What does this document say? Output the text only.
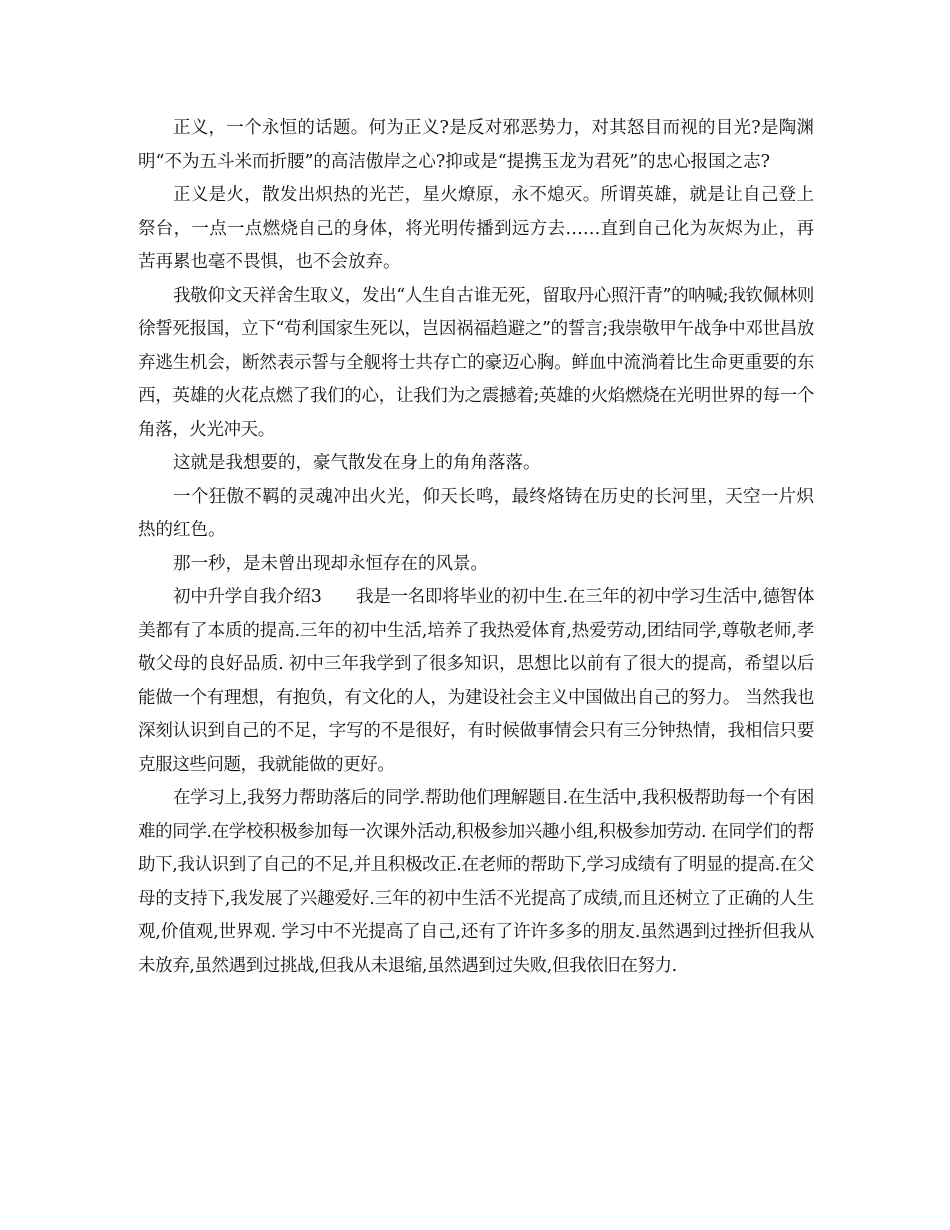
正义，一个永恒的话题。何为正义?是反对邪恶势力，对其怒目而视的目光?是陶渊明“不为五斗米而折腰”的高洁傲岸之心?抑或是“提携玉龙为君死”的忠心报国之志?

正义是火，散发出炽热的光芒，星火燎原，永不熄灭。所谓英雄，就是让自己登上祭台，一点一点燃烧自己的身体，将光明传播到远方去……直到自己化为灰烬为止，再苦再累也毫不畏惧，也不会放弃。

我敬仰文天祥舍生取义，发出“人生自古谁无死，留取丹心照汗青”的呐喊;我钦佩林则徐誓死报国，立下“苟利国家生死以，岂因祸福趋避之”的誓言;我崇敬甲午战争中邓世昌放弃逃生机会，断然表示誓与全舰将士共存亡的豪迈心胸。鲜血中流淌着比生命更重要的东西，英雄的火花点燃了我们的心，让我们为之震撼着;英雄的火焰燃烧在光明世界的每一个角落，火光冲天。

这就是我想要的，豪气散发在身上的角角落落。

一个狂傲不羁的灵魂冲出火光，仰天长鸣，最终烙铸在历史的长河里，天空一片炽热的红色。

那一秒，是未曾出现却永恒存在的风景。

初中升学自我介绍3　　我是一名即将毕业的初中生.在三年的初中学习生活中,德智体美都有了本质的提高.三年的初中生活,培养了我热爱体育,热爱劳动,团结同学,尊敬老师,孝敬父母的良好品质. 初中三年我学到了很多知识，思想比以前有了很大的提高，希望以后能做一个有理想，有抱负，有文化的人，为建设社会主义中国做出自己的努力。 当然我也深刻认识到自己的不足，字写的不是很好，有时候做事情会只有三分钟热情，我相信只要克服这些问题，我就能做的更好。

在学习上,我努力帮助落后的同学.帮助他们理解题目.在生活中,我积极帮助每一个有困难的同学.在学校积极参加每一次课外活动,积极参加兴趣小组,积极参加劳动. 在同学们的帮助下,我认识到了自己的不足,并且积极改正.在老师的帮助下,学习成绩有了明显的提高.在父母的支持下,我发展了兴趣爱好.三年的初中生活不光提高了成绩,而且还树立了正确的人生观,价值观,世界观. 学习中不光提高了自己,还有了许许多多的朋友.虽然遇到过挫折但我从未放弃,虽然遇到过挑战,但我从未退缩,虽然遇到过失败,但我依旧在努力.
